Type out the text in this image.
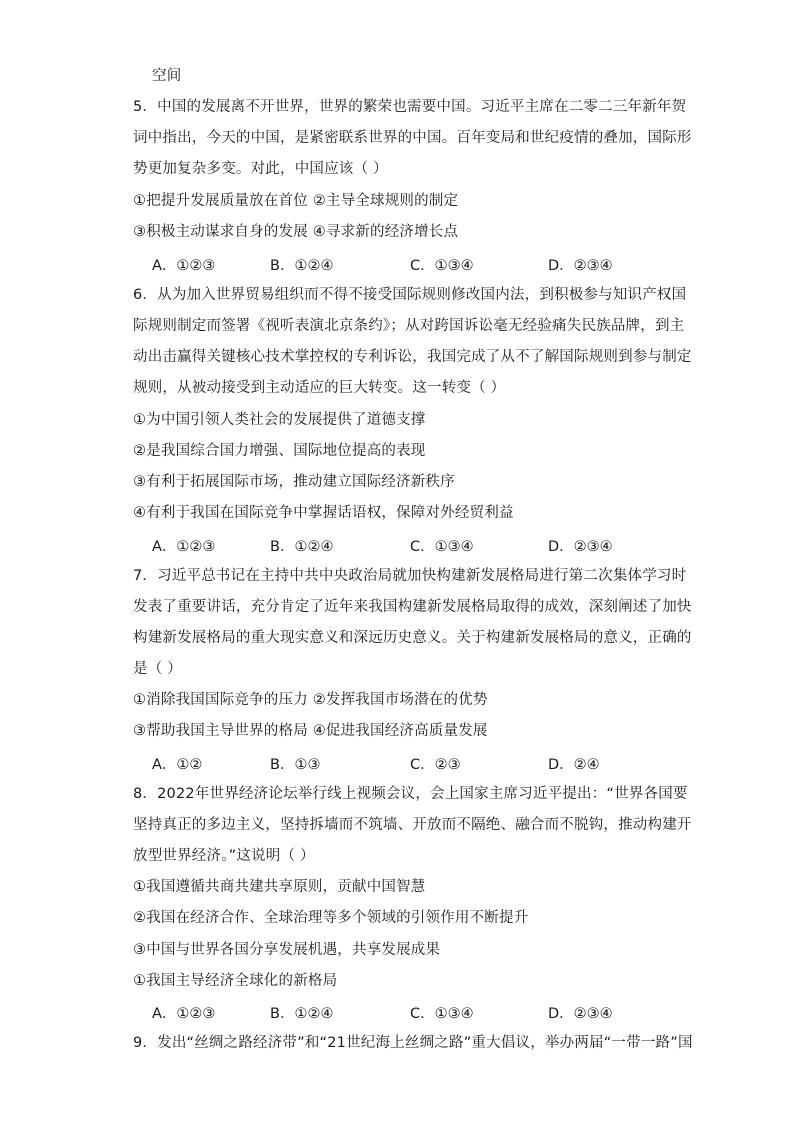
空间
5．中国的发展离不开世界，世界的繁荣也需要中国。习近平主席在二零二三年新年贺
词中指出，今天的中国，是紧密联系世界的中国。百年变局和世纪疫情的叠加，国际形
势更加复杂多变。对此，中国应该（ ）
①把提升发展质量放在首位 ②主导全球规则的制定
③积极主动谋求自身的发展 ④寻求新的经济增长点
A．①②③	B．①②④	C．①③④	D．②③④
6．从为加入世界贸易组织而不得不接受国际规则修改国内法，到积极参与知识产权国
际规则制定而签署《视听表演北京条约》；从对跨国诉讼毫无经验痛失民族品牌，到主
动出击赢得关键核心技术掌控权的专利诉讼，我国完成了从不了解国际规则到参与制定
规则，从被动接受到主动适应的巨大转变。这一转变（ ）
①为中国引领人类社会的发展提供了道德支撑
②是我国综合国力增强、国际地位提高的表现
③有利于拓展国际市场，推动建立国际经济新秩序
④有利于我国在国际竞争中掌握话语权，保障对外经贸利益
A．①②③	B．①②④	C．①③④	D．②③④
7．习近平总书记在主持中共中央政治局就加快构建新发展格局进行第二次集体学习时
发表了重要讲话，充分肯定了近年来我国构建新发展格局取得的成效，深刻阐述了加快
构建新发展格局的重大现实意义和深远历史意义。关于构建新发展格局的意义，正确的
是（ ）
①消除我国国际竞争的压力 ②发挥我国市场潜在的优势
③帮助我国主导世界的格局 ④促进我国经济高质量发展
A．①②	B．①③	C．②③	D．②④
8．2022年世界经济论坛举行线上视频会议，会上国家主席习近平提出：“世界各国要
坚持真正的多边主义，坚持拆墙而不筑墙、开放而不隔绝、融合而不脱钩，推动构建开
放型世界经济。”这说明（ ）
①我国遵循共商共建共享原则，贡献中国智慧
②我国在经济合作、全球治理等多个领域的引领作用不断提升
③中国与世界各国分享发展机遇，共享发展成果
①我国主导经济全球化的新格局
A．①②③	B．①②④	C．①③④	D．②③④
9．发出“丝绸之路经济带”和“21世纪海上丝绸之路”重大倡议，举办两届“一带一路”国
